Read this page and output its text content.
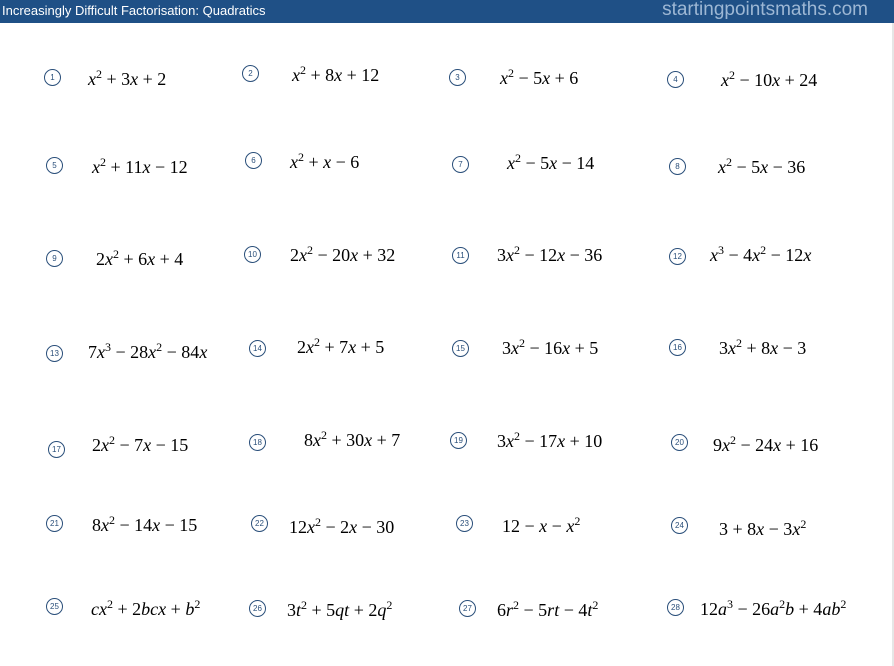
Increasingly Difficult Factorisation: Quadratics	startingpointsmaths.com
1	$x^2 + 3x + 2$	2	$x^2 + 8x + 12$	3	$x^2 - 5x + 6$	4	$x^2 - 10x + 24$
5	$x^2 + 11x - 12$	6	$x^2 + x - 6$	7	$x^2 - 5x - 14$	8	$x^2 - 5x - 36$
9	$2x^2 + 6x + 4$	10 $2x^2 - 20x + 32$	11 $3x^2 - 12x - 36$	12 $x^3 - 4x^2 - 12x$
13 $7x^3 - 28x^2 - 84x$	14 $2x^2 + 7x + 5$	15 $3x^2 - 16x + 5$	16 $3x^2 + 8x - 3$
17 $2x^2 - 7x - 15$	18 $8x^2 + 30x + 7$	19 $3x^2 - 17x + 10$	20 $9x^2 - 24x + 16$
21 $8x^2 - 14x - 15$	22 $12x^2 - 2x - 30$	23 $12 - x - x^2$	24 $3 + 8x - 3x^2$
25 $cx^2 + 2bcx + b^2$	26 $3t^2 + 5qt + 2q^2$	27 $6r^2 - 5rt - 4t^2$	28 $12a^3 - 26a^2b + 4ab^2$
